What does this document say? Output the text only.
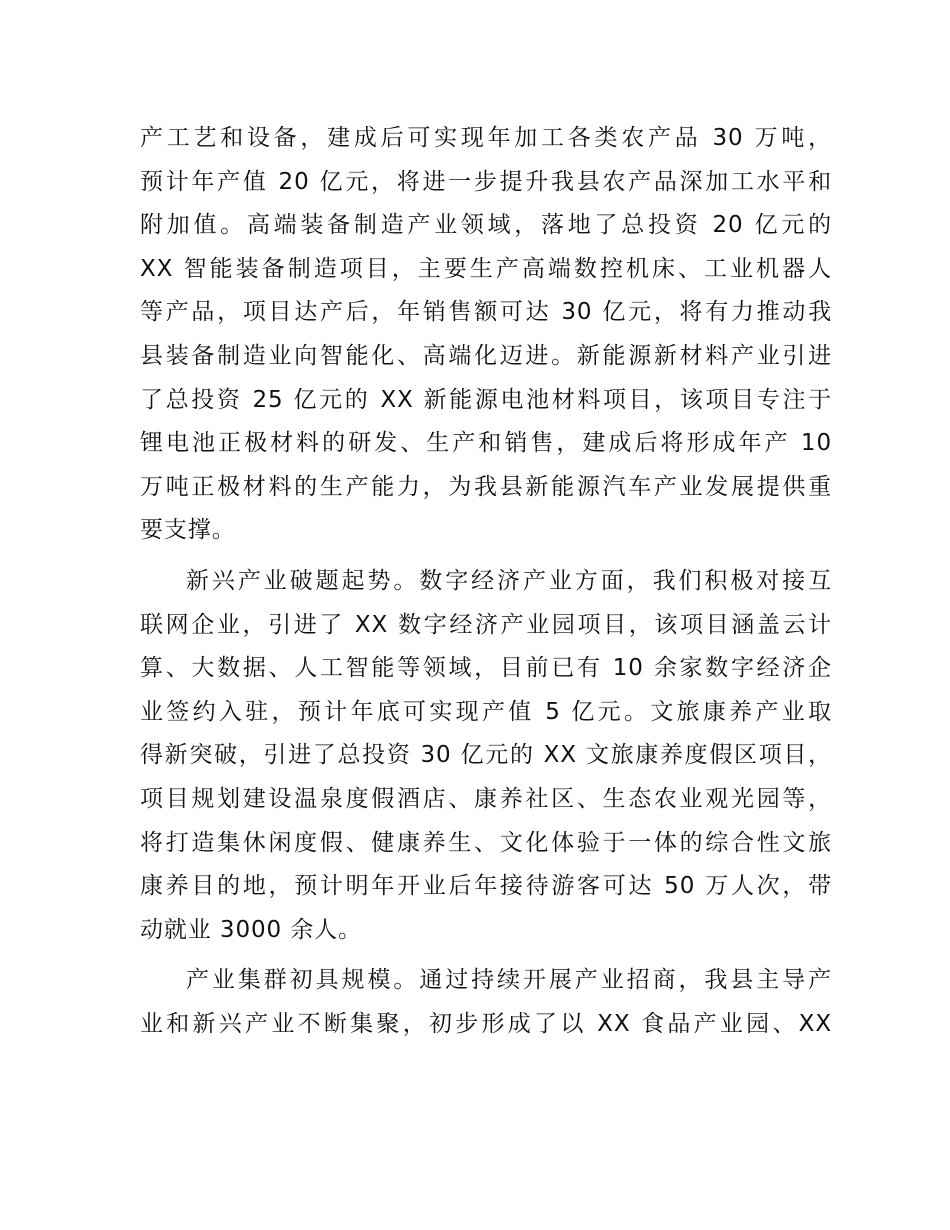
产工艺和设备，建成后可实现年加工各类农产品 30 万吨，
预计年产值 20 亿元，将进一步提升我县农产品深加工水平和
附加值。高端装备制造产业领域，落地了总投资 20 亿元的
XX 智能装备制造项目，主要生产高端数控机床、工业机器人
等产品，项目达产后，年销售额可达 30 亿元，将有力推动我
县装备制造业向智能化、高端化迈进。新能源新材料产业引进
了总投资 25 亿元的 XX 新能源电池材料项目，该项目专注于
锂电池正极材料的研发、生产和销售，建成后将形成年产 10
万吨正极材料的生产能力，为我县新能源汽车产业发展提供重
要支撑。
新兴产业破题起势。数字经济产业方面，我们积极对接互
联网企业，引进了 XX 数字经济产业园项目，该项目涵盖云计
算、大数据、人工智能等领域，目前已有 10 余家数字经济企
业签约入驻，预计年底可实现产值 5 亿元。文旅康养产业取
得新突破，引进了总投资 30 亿元的 XX 文旅康养度假区项目，
项目规划建设温泉度假酒店、康养社区、生态农业观光园等，
将打造集休闲度假、健康养生、文化体验于一体的综合性文旅
康养目的地，预计明年开业后年接待游客可达 50 万人次，带
动就业 3000 余人。
产业集群初具规模。通过持续开展产业招商，我县主导产
业和新兴产业不断集聚，初步形成了以 XX 食品产业园、XX
